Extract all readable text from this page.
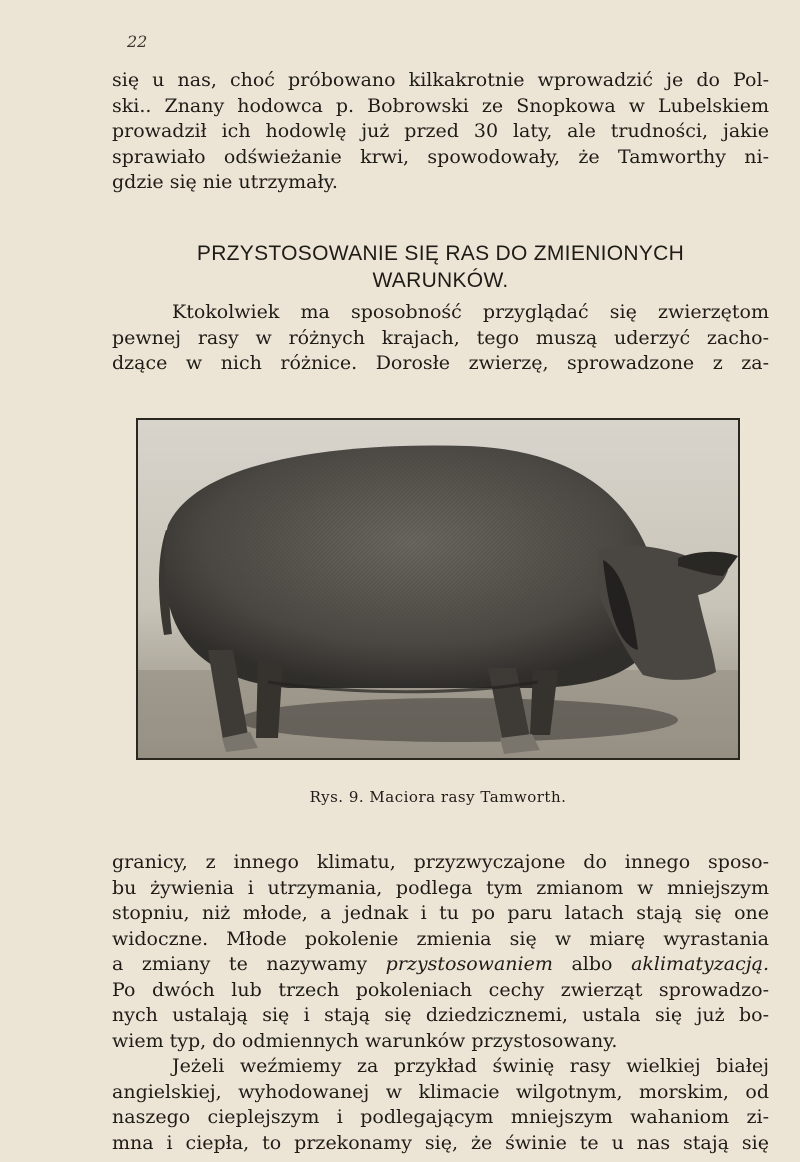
22
się u nas, choć próbowano kilkakrotnie wprowadzić je do Pol-
ski.. Znany hodowca p. Bobrowski ze Snopkowa w Lubelskiem
prowadził ich hodowlę już przed 30 laty, ale trudności, jakie
sprawiało odświeżanie krwi, spowodowały, że Tamworthy ni-
gdzie się nie utrzymały.
PRZYSTOSOWANIE SIĘ RAS DO ZMIENIONYCH
WARUNKÓW.
Ktokolwiek ma sposobność przyglądać się zwierzętom
pewnej rasy w różnych krajach, tego muszą uderzyć zacho-
dzące w nich różnice. Dorosłe zwierzę, sprowadzone z za-
Rys. 9. Maciora rasy Tamworth.
granicy, z innego klimatu, przyzwyczajone do innego sposo-
bu żywienia i utrzymania, podlega tym zmianom w mniejszym
stopniu, niż młode, a jednak i tu po paru latach stają się one
widoczne. Młode pokolenie zmienia się w miarę wyrastania
a zmiany te nazywamy przystosowaniem albo aklimatyzacją.
Po dwóch lub trzech pokoleniach cechy zwierząt sprowadzo-
nych ustalają się i stają się dziedzicznemi, ustala się już bo-
wiem typ, do odmiennych warunków przystosowany.
Jeżeli weźmiemy za przykład świnię rasy wielkiej białej
angielskiej, wyhodowanej w klimacie wilgotnym, morskim, od
naszego cieplejszym i podlegającym mniejszym wahaniom zi-
mna i ciepła, to przekonamy się, że świnie te u nas stają się
